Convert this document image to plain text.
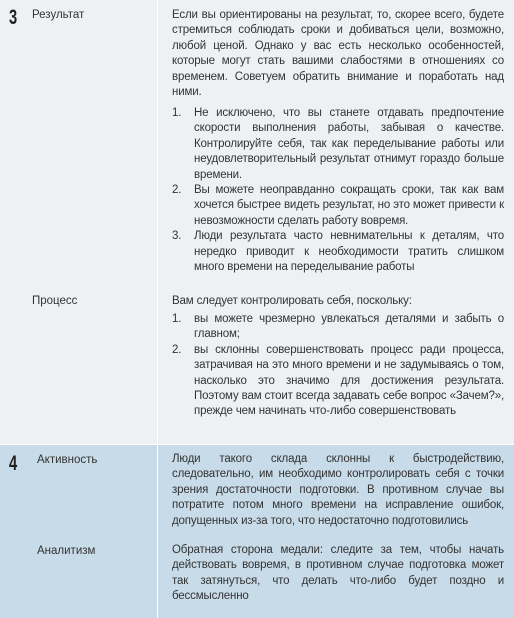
3	Результат	Если вы ориентированы на результат, то, скорее всего, будете стремиться соблюдать сроки и добиваться цели, возможно, любой ценой. Однако у вас есть несколько особенностей, которые могут стать вашими слабостями в отношениях со временем. Советуем обратить внимание и поработать над ними.
1. Не исключено, что вы станете отдавать предпочтение скорости выполнения работы, забывая о качестве. Контролируйте себя, так как переделывание работы или неудовлетворительный результат отнимут гораздо больше времени.
2. Вы можете неоправданно сокращать сроки, так как вам хочется быстрее видеть результат, но это может привести к невозможности сделать работу вовремя.
3. Люди результата часто невнимательны к деталям, что нередко приводит к необходимости тратить слишком много времени на переделывание работы
Процесс	Вам следует контролировать себя, поскольку:
1. вы можете чрезмерно увлекаться деталями и забыть о главном;
2. вы склонны совершенствовать процесс ради процесса, затрачивая на это много времени и не задумываясь о том, насколько это значимо для достижения результата. Поэтому вам стоит всегда задавать себе вопрос «Зачем?», прежде чем начинать что-либо совершенствовать
4	Активность	Люди такого склада склонны к быстродействию, следовательно, им необходимо контролировать себя с точки зрения достаточности подготовки. В противном случае вы потратите потом много времени на исправление ошибок, допущенных из-за того, что недостаточно подготовились
Аналитизм	Обратная сторона медали: следите за тем, чтобы начать действовать вовремя, в противном случае подготовка может так затянуться, что делать что-либо будет поздно и бессмысленно
